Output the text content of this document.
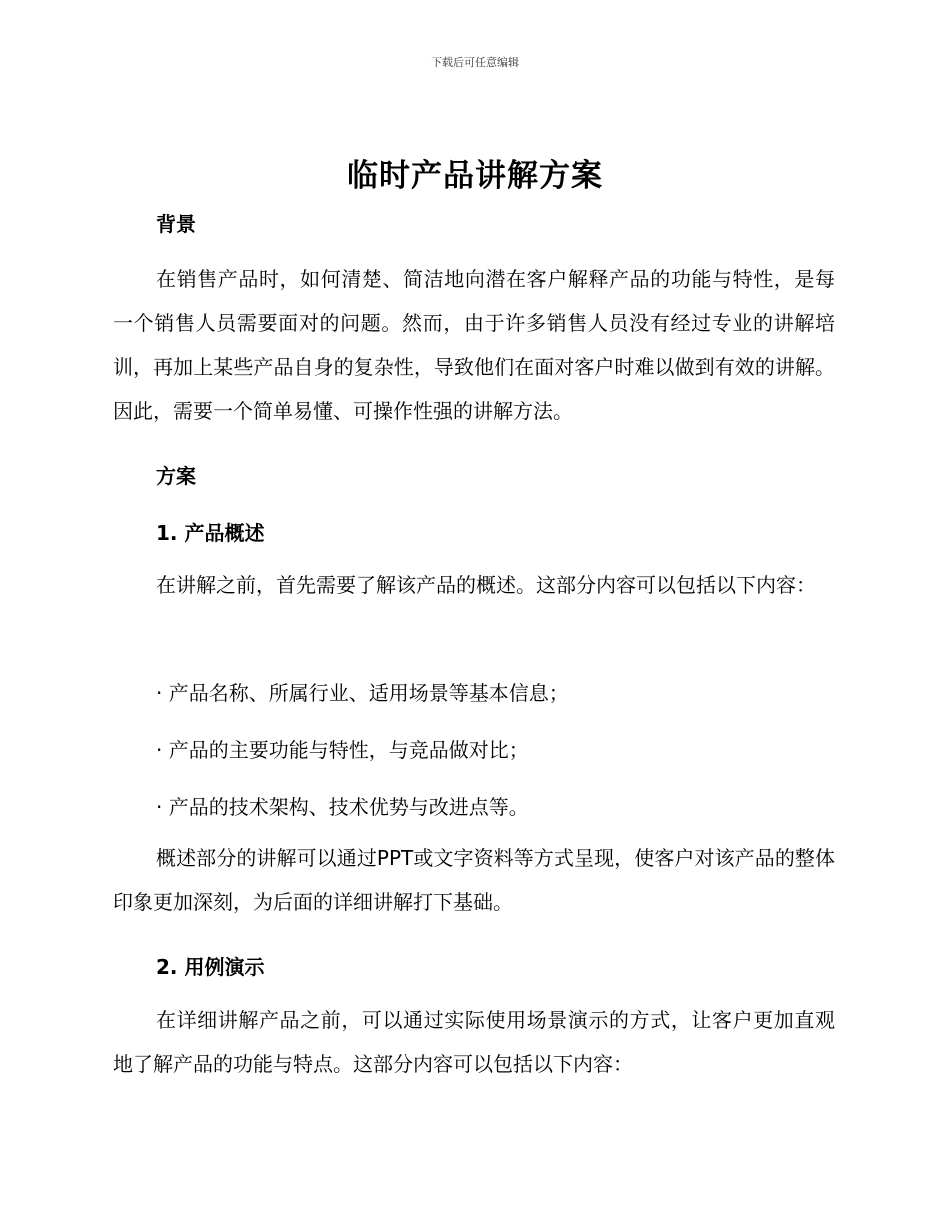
下载后可任意编辑
临时产品讲解方案
背景

在销售产品时，如何清楚、简洁地向潜在客户解释产品的功能与特性，是每一个销售人员需要面对的问题。然而，由于许多销售人员没有经过专业的讲解培训，再加上某些产品自身的复杂性，导致他们在面对客户时难以做到有效的讲解。因此，需要一个简单易懂、可操作性强的讲解方法。

方案
1. 产品概述

在讲解之前，首先需要了解该产品的概述。这部分内容可以包括以下内容：

· 产品名称、所属行业、适用场景等基本信息；
· 产品的主要功能与特性，与竞品做对比；
· 产品的技术架构、技术优势与改进点等。

概述部分的讲解可以通过PPT或文字资料等方式呈现，使客户对该产品的整体印象更加深刻，为后面的详细讲解打下基础。

2. 用例演示

在详细讲解产品之前，可以通过实际使用场景演示的方式，让客户更加直观地了解产品的功能与特点。这部分内容可以包括以下内容：
